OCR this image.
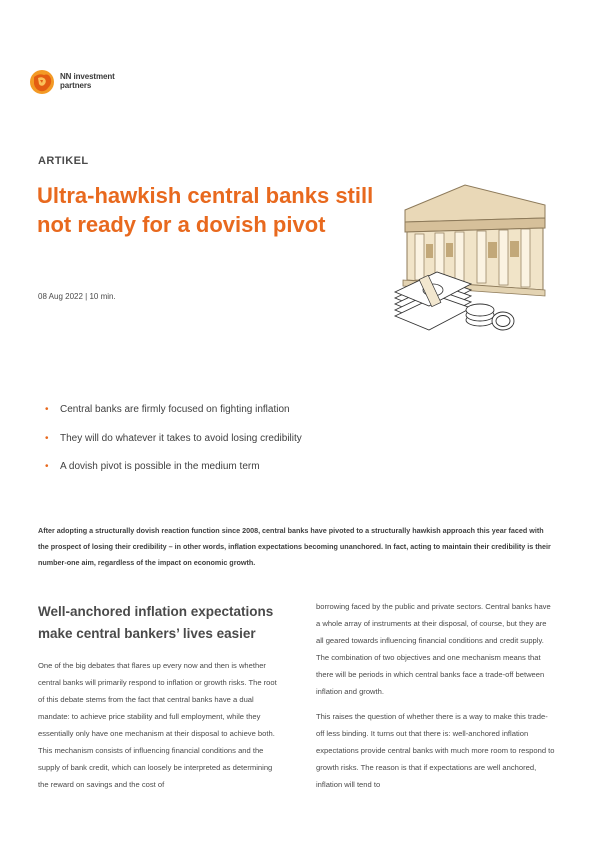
NN investment
partners
ARTIKEL
Ultra-hawkish central banks still not ready for a dovish pivot
08 Aug 2022 | 10 min.
• Central banks are firmly focused on fighting inflation
• They will do whatever it takes to avoid losing credibility
• A dovish pivot is possible in the medium term

After adopting a structurally dovish reaction function since 2008, central banks have pivoted to a structurally hawkish approach this year faced with the prospect of losing their credibility – in other words, inflation expectations becoming unanchored. In fact, acting to maintain their credibility is their number-one aim, regardless of the impact on economic growth.

Well-anchored inflation expectations make central bankers’ lives easier

One of the big debates that flares up every now and then is whether central banks will primarily respond to inflation or growth risks. The root of this debate stems from the fact that central banks have a dual mandate: to achieve price stability and full employment, while they essentially only have one mechanism at their disposal to achieve both. This mechanism consists of influencing financial conditions and the supply of bank credit, which can loosely be interpreted as determining the reward on savings and the cost of

borrowing faced by the public and private sectors. Central banks have a whole array of instruments at their disposal, of course, but they are all geared towards influencing financial conditions and credit supply. The combination of two objectives and one mechanism means that there will be periods in which central banks face a trade-off between inflation and growth.

This raises the question of whether there is a way to make this trade-off less binding. It turns out that there is: well-anchored inflation expectations provide central banks with much more room to respond to growth risks. The reason is that if expectations are well anchored, inflation will tend to
